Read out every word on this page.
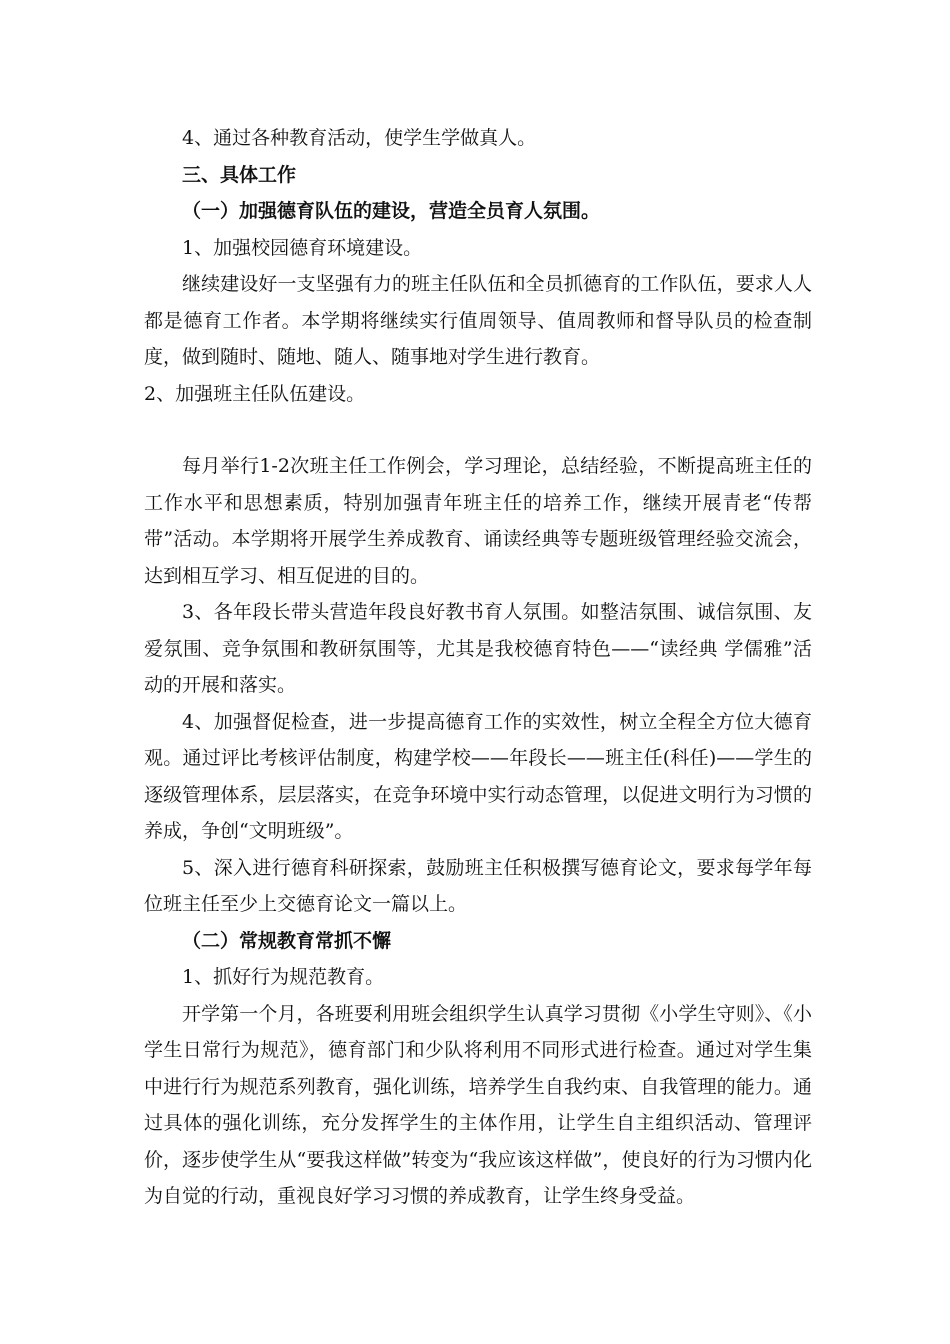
4、通过各种教育活动，使学生学做真人。

三、具体工作

（一）加强德育队伍的建设，营造全员育人氛围。

1、加强校园德育环境建设。

继续建设好一支坚强有力的班主任队伍和全员抓德育的工作队伍，要求人人都是德育工作者。本学期将继续实行值周领导、值周教师和督导队员的检查制度，做到随时、随地、随人、随事地对学生进行教育。

2、加强班主任队伍建设。

每月举行1-2次班主任工作例会，学习理论，总结经验，不断提高班主任的工作水平和思想素质，特别加强青年班主任的培养工作，继续开展青老“传帮带”活动。本学期将开展学生养成教育、诵读经典等专题班级管理经验交流会，达到相互学习、相互促进的目的。

3、各年段长带头营造年段良好教书育人氛围。如整洁氛围、诚信氛围、友爱氛围、竞争氛围和教研氛围等，尤其是我校德育特色——“读经典 学儒雅”活动的开展和落实。

4、加强督促检查，进一步提高德育工作的实效性，树立全程全方位大德育观。通过评比考核评估制度，构建学校——年段长——班主任(科任)——学生的逐级管理体系，层层落实，在竞争环境中实行动态管理，以促进文明行为习惯的养成，争创“文明班级”。

5、深入进行德育科研探索，鼓励班主任积极撰写德育论文，要求每学年每位班主任至少上交德育论文一篇以上。

（二）常规教育常抓不懈

1、抓好行为规范教育。

开学第一个月，各班要利用班会组织学生认真学习贯彻《小学生守则》、《小学生日常行为规范》，德育部门和少队将利用不同形式进行检查。通过对学生集中进行行为规范系列教育，强化训练，培养学生自我约束、自我管理的能力。通过具体的强化训练，充分发挥学生的主体作用，让学生自主组织活动、管理评价，逐步使学生从“要我这样做”转变为“我应该这样做”，使良好的行为习惯内化为自觉的行动，重视良好学习习惯的养成教育，让学生终身受益。
